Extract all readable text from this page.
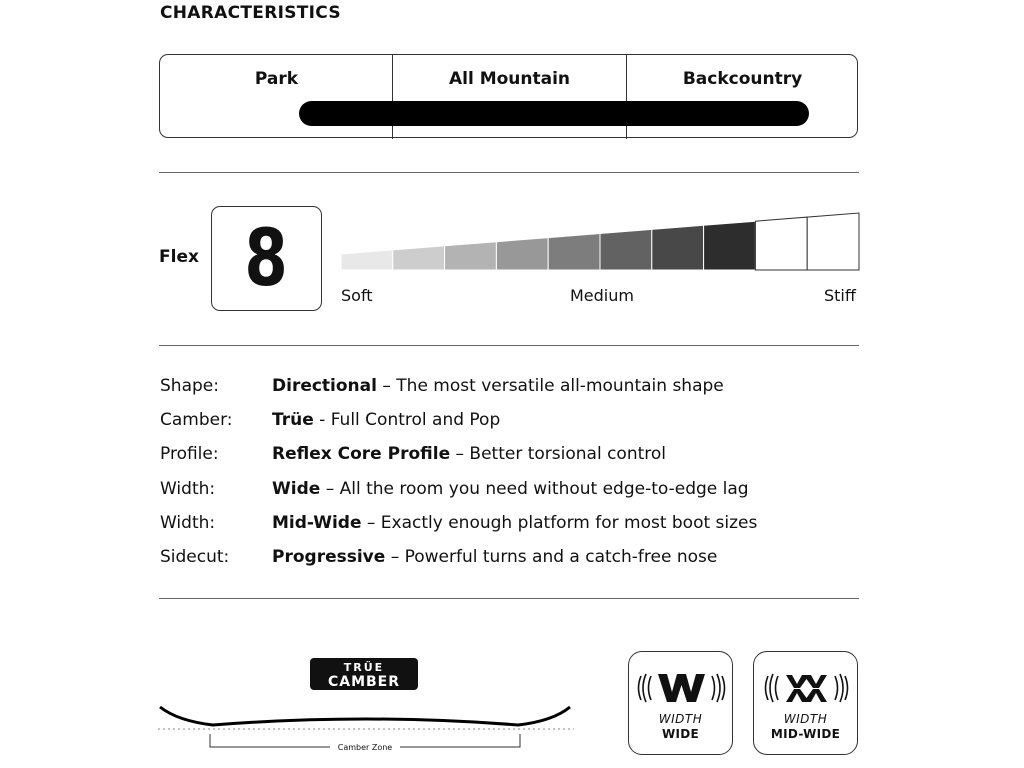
CHARACTERISTICS
Park	All Mountain	Backcountry
Flex 8	Soft	Medium	Stiff
Shape:	Directional – The most versatile all-mountain shape
Camber: Trüe - Full Control and Pop
Profile:	Reflex Core Profile – Better torsional control
Width:	Wide – All the room you need without edge-to-edge lag
Width:	Mid-Wide – Exactly enough platform for most boot sizes
Sidecut:	Progressive – Powerful turns and a catch-free nose
TRÜE
CAMBER
Camber Zone
WIDTH
WIDE
WIDTH
MID-WIDE
